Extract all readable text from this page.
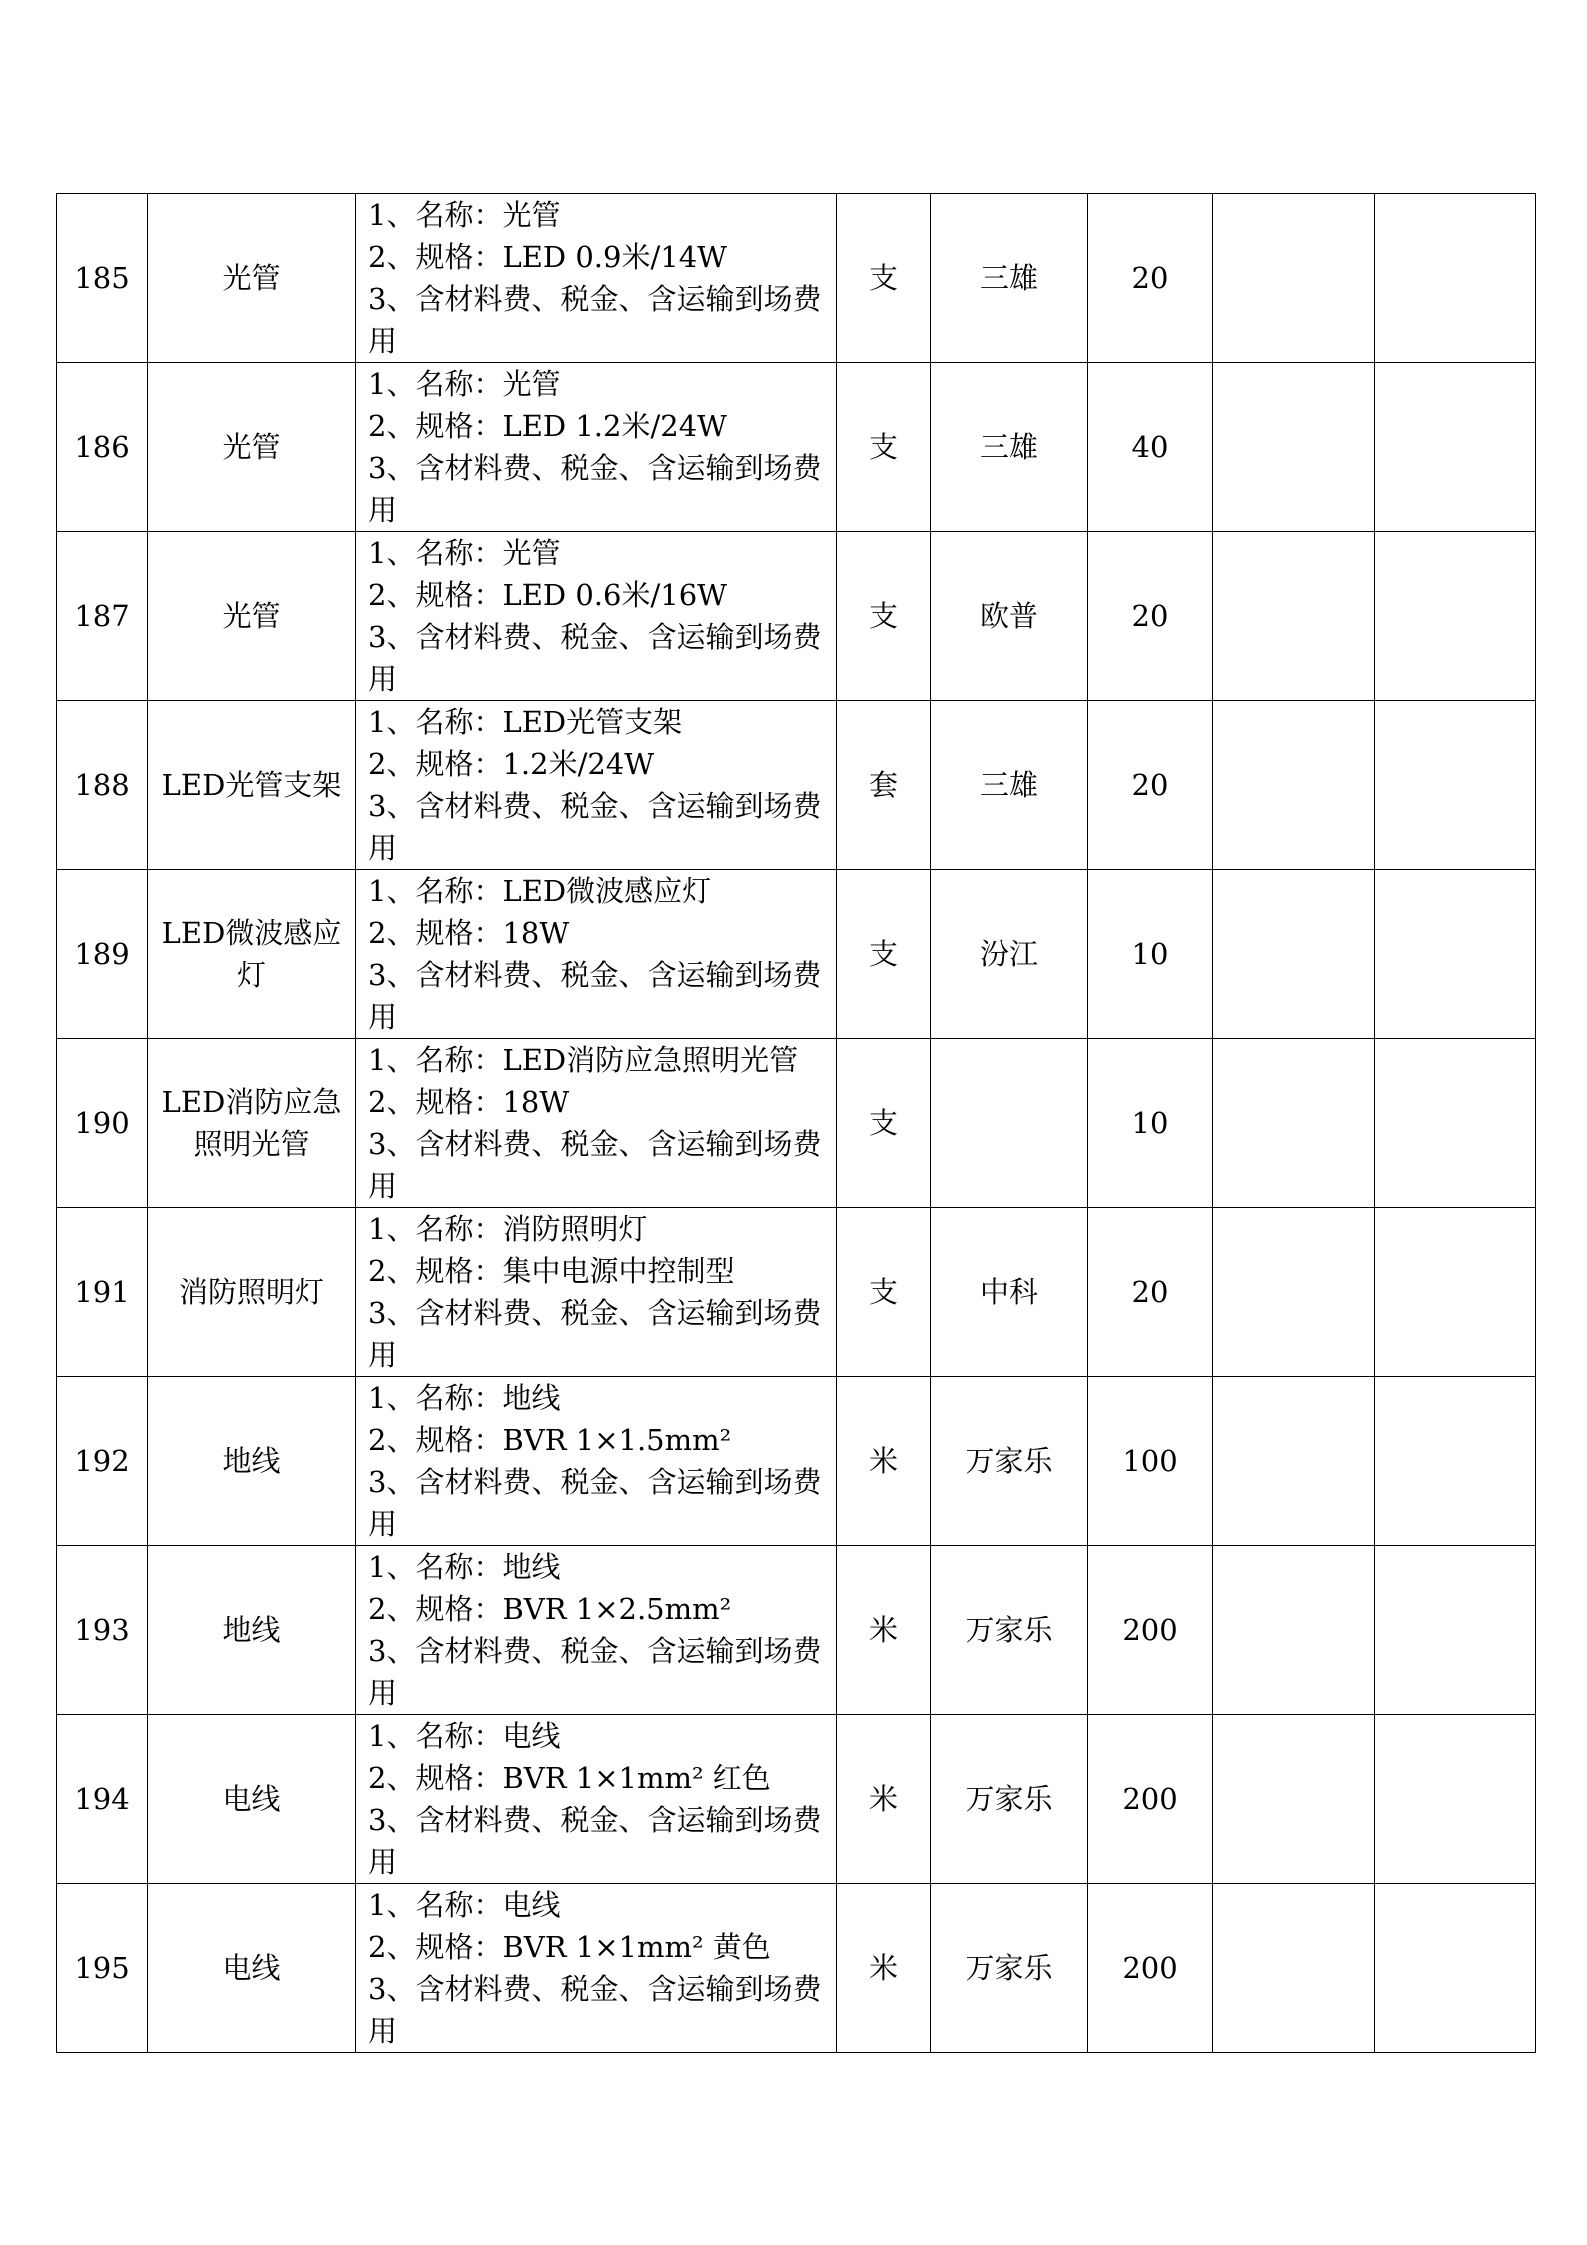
185	光管	1、名称：光管
2、规格：LED 0.9米/14W
3、含材料费、税金、含运输到场费用	支	三雄	20		
186	光管	1、名称：光管
2、规格：LED 1.2米/24W
3、含材料费、税金、含运输到场费用	支	三雄	40		
187	光管	1、名称：光管
2、规格：LED 0.6米/16W
3、含材料费、税金、含运输到场费用	支	欧普	20		
188	LED光管支架	1、名称：LED光管支架
2、规格：1.2米/24W
3、含材料费、税金、含运输到场费用	套	三雄	20		
189	LED微波感应灯	1、名称：LED微波感应灯
2、规格：18W
3、含材料费、税金、含运输到场费用	支	汾江	10		
190	LED消防应急照明光管	1、名称：LED消防应急照明光管
2、规格：18W
3、含材料费、税金、含运输到场费用	支		10		
191	消防照明灯	1、名称：消防照明灯
2、规格：集中电源中控制型
3、含材料费、税金、含运输到场费用	支	中科	20		
192	地线	1、名称：地线
2、规格：BVR 1×1.5mm²
3、含材料费、税金、含运输到场费用	米	万家乐	100		
193	地线	1、名称：地线
2、规格：BVR 1×2.5mm²
3、含材料费、税金、含运输到场费用	米	万家乐	200		
194	电线	1、名称：电线
2、规格：BVR 1×1mm² 红色
3、含材料费、税金、含运输到场费用	米	万家乐	200		
195	电线	1、名称：电线
2、规格：BVR 1×1mm² 黄色
3、含材料费、税金、含运输到场费用	米	万家乐	200		
